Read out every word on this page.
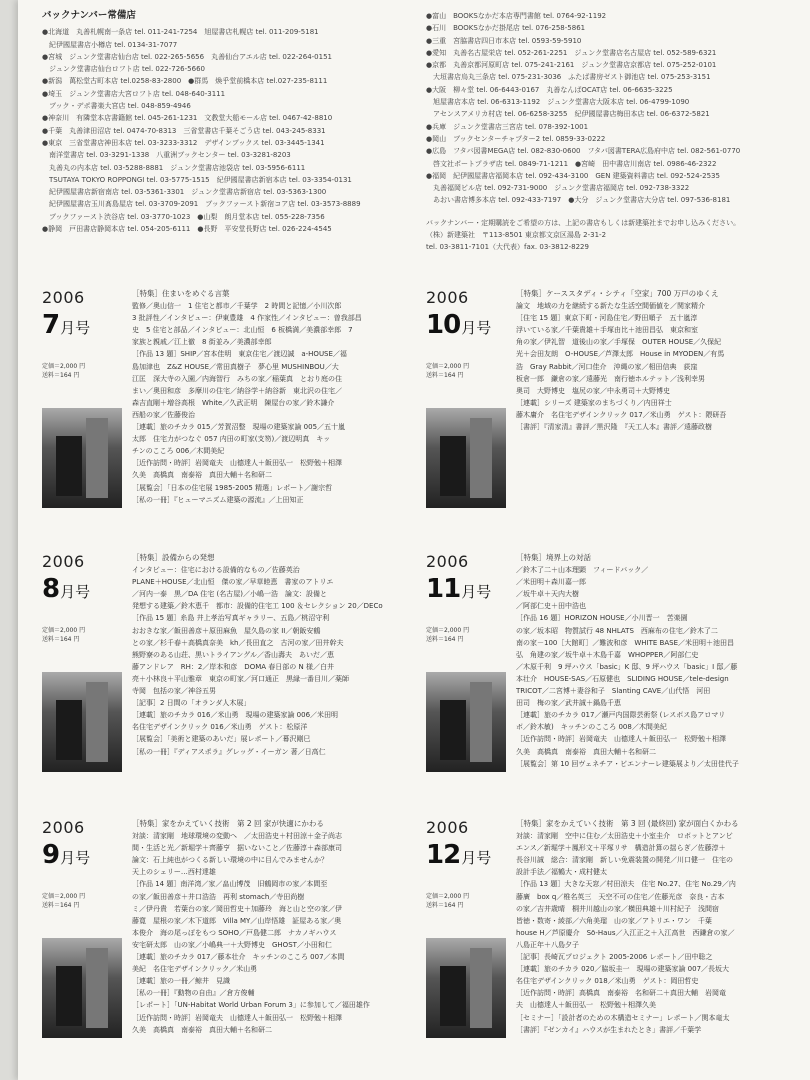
バックナンバー常備店
●北海道　丸善札幌南一条店 tel. 011-241-7254　旭屋書店札幌店 tel. 011-209-5181
　紀伊國屋書店小樽店 tel. 0134-31-7077
●宮城　ジュンク堂書店仙台店 tel. 022-265-5656　丸善仙台アエル店 tel. 022-264-0151
　ジュンク堂書店仙台ロフト店 tel. 022-726-5660
●新潟　萬松堂古町本店 tel.0258-83-2800　●群馬　煥乎堂前橋本店 tel.027-235-8111
●埼玉　ジュンク堂書店大宮ロフト店 tel. 048-640-3111
　ブック・デポ書楽大宮店 tel. 048-859-4946
●神奈川　有隣堂本店書籍館 tel. 045-261-1231　文教堂大船モール店 tel. 0467-42-8810
●千葉　丸善津田沼店 tel. 0474-70-8313　三省堂書店千葉そごう店 tel. 043-245-8331
●東京　三省堂書店神田本店 tel. 03-3233-3312　デザインブックス tel. 03-3445-1341
　南洋堂書店 tel. 03-3291-1338　八重洲ブックセンター tel. 03-3281-8203
　丸善丸の内本店 tel. 03-5288-8881　ジュンク堂書店池袋店 tel. 03-5956-6111
　TSUTAYA TOKYO ROPPONGI tel. 03-5775-1515　紀伊國屋書店新宿本店 tel. 03-3354-0131
　紀伊國屋書店新宿南店 tel. 03-5361-3301　ジュンク堂書店新宿店 tel. 03-5363-1300
　紀伊國屋書店玉川髙島屋店 tel. 03-3709-2091　ブックファースト新宿コア店 tel. 03-3573-8889
　ブックファースト渋谷店 tel. 03-3770-1023　●山梨　朗月堂本店 tel. 055-228-7356
●静岡　戸田書店静岡本店 tel. 054-205-6111　●長野　平安堂長野店 tel. 026-224-4545
●富山　BOOKSなかだ本店専門書館 tel. 0764-92-1192
●石川　BOOKSなかだ掛尾店 tel. 076-258-5861
●三重　宮脇書店四日市本店 tel. 0593-59-5910
●愛知　丸善名古屋栄店 tel. 052-261-2251　ジュンク堂書店名古屋店 tel. 052-589-6321
●京都　丸善京都河原町店 tel. 075-241-2161　ジュンク堂書店京都店 tel. 075-252-0101
　大垣書店烏丸三条店 tel. 075-231-3036　ふたば書房ゼスト御池店 tel. 075-253-3151
●大阪　柳々堂 tel. 06-6443-0167　丸善なんばOCAT店 tel. 06-6635-3225
　旭屋書店本店 tel. 06-6313-1192　ジュンク堂書店大阪本店 tel. 06-4799-1090
　アセンスアメリカ村店 tel. 06-6258-3255　紀伊國屋書店梅田本店 tel. 06-6372-5821
●兵庫　ジュンク堂書店三宮店 tel. 078-392-1001
●岡山　ブックセンターチャプター2 tel. 0859-33-0222
●広島　フタバ図書MEGA店 tel. 082-830-0600　フタバ図書TERA広島府中店 tel. 082-561-0770
　啓文社ポートプラザ店 tel. 0849-71-1211　●宮崎　田中書店川南店 tel. 0986-46-2322
●福岡　紀伊國屋書店福岡本店 tel. 092-434-3100　GEN 建築資料書店 tel. 092-524-2535
　丸善福岡ビル店 tel. 092-731-9000　ジュンク堂書店福岡店 tel. 092-738-3322
　あおい書店博多本店 tel. 092-433-7197　●大分　ジュンク堂書店大分店 tel. 097-536-8181
バックナンバー・定期購読をご希望の方は、上記の書店もしくは新建築社までお申し込みください。
（株）新建築社　〒113-8501 東京都文京区湯島 2-31-2
tel. 03-3811-7101（大代表）fax. 03-3812-8229
2006
7月号
定価＝2,000 円
送料＝164 円
［特集］住まいをめぐる言葉
監修／奥山信一　1 住宅と都市／千葉学　2 時間と記憶／小川次郎
3 批評性／インタビュー：伊東豊雄　4 作家性／インタビュー：曽我部昌
史　5 住宅と部品／インタビュー：北山恒　6 板橋満／美濃部幸郎　7
家族と親戚／江上徹　8 街並み／美濃部幸郎
［作品 13 題］SHIP／宮本佳明　東京住宅／渡辺誠　a-HOUSE／福
島加津也　Z&Z HOUSE／常田真樹子　夢心里 MUSHINBOU／大
江匡　深大寺の入園／内海智行　みちの家／稲葉真　とおり庭の住
まい／奥田和彦　多摩川の住宅／納谷学＋納谷新　東北沢の住宅／
森吉直剛＋増谷高根　White／久武正明　陳屋台の家／鈴木謙介
西船の家／佐藤俊治
［連載］旅のチカラ 015／芳賀沼整　現場の建築家論 005／五十嵐
太郎　住宅力がつなぐ 057 内田の町家(支笏)／渡辺明真　キッ
チンのこころ 006／木間美紀
［近作訪問・時評］岩岡竜夫　山德達人＋飯田弘一　松野勉＋相澤
久美　高橋真　南泰裕　真田大輔＋名和研二
［展覧会］「日本の住宅展 1985-2005 精選」レポート／謝宗哲
［私の一冊］『ヒューマニズム建築の源流』／上田知正
2006
10月号
定価＝2,000 円
送料＝164 円
［特集］ケーススタディ・シティ「空家」700 万戸のゆくえ
論文　地域の力を継続する新たな生活空間価値を／関家精介
［住宅 15 題］東京下町・河島住宅／野田順子　五十嵐淳
浮いている家／千葉貴雄＋手塚由比＋池田昌弘　東京和室
角の家／伊礼智　道後山の家／手塚保　OUTER HOUSE／久保紀
光＋会田友朗　O-HOUSE／芦澤太郎　House in MYODEN／有馬
浩　Gray Rabbit／河口佳介　沖縄の家／相田信典　荻窪
板倉一郎　鎌倉の家／遠藤光　南行徳ホルテット／浅利幸男
奥司　大野博史　塩尻の家／中永勇司＋大野博史
［連載］シリーズ 建築家のまちづくり／内田祥士
藤木庸介　名住宅デザインクリック 017／米山勇　ゲスト：隈研吾
［書評］『清家清』書評／黒沢隆　『天工人本』書評／遠藤政樹
2006
8月号
定価＝2,000 円
送料＝164 円
［特集］設備からの発想
インタビュー：住宅における設備的なもの／佐藤英治
PLANE＋HOUSE／北山恒　傑の家／早草睦恵　書家のアトリエ
／河内一泰　黒／DA 住宅 (名古屋)／小嶋一浩　論文：設備と
発想する建築／鈴木恵千　都市：設備的住宅工 100 ＆セレクション 20／DECo
［作品 15 題］糸島 井上孝治写真ギャラリー、五島／桃沼守利
おおきな家／飯田善彦＋原田麻魚　屋久島の家 II／朝飯安鶴
との家／杉千春＋高橋真奈美　kh／長田直之　古河の家／田井幹夫
熊野寮のある山荘、黒いトライアングル／香山壽夫　あいだ／恵
藤アンドレア　RH：2／岸本和彦　DOMA 春日部の N 様／白井
亮＋小林良＋平山雅章　東京の町家／河口通正　黒縁一番目川／薬師
寺岡　包括の家／神谷五男
［記事］2 日間の「オランダ人木展」
［連載］旅のチカラ 016／米山勇　現場の建築家論 006／米田明
名住宅デザインクリック 016／米山勇　ゲスト：松原洋
［展覧会］「美術と建築のあいだ」展レポート／幕沢剛巳
［私の一冊］『ディアスポラ』グレッグ・イーガン 著／日高仁
2006
11月号
定価＝2,000 円
送料＝164 円
［特集］境界上の対話
／鈴木了二＋山本理顕　フィードバック／
／米田明＋森川嘉一郎
／坂牛卓＋天内大樹
／阿部仁史＋田中浩也
［作品 16 題］HORIZON HOUSE／小川晋一　苦楽園
の家／坂本昭　物質試行 48 NHLATS　西麻布の住宅／鈴木了二
南の家－100［大館町］／難波和彦　WHITE BASE／米田明＋池田昌
弘　角建の家／坂牛卓＋木島千嘉　WHOPPER／阿部仁史
／木原千利　9 坪ハウス「basic」K 邸、9 坪ハウス「basic」I 邸／藤
本壮介　HOUSE-SAS／石原健也　SLIDING HOUSE／tele-design
TRICOT／二宮博＋妻谷和子　Slanting CAVE／山代悟　河田
田司　梅の家／武井誠＋鍋島千恵
［連載］旅のチカラ 017／瀬戸内国際芸術祭 (レスボス島アロマリ
ボ／鈴木敏)　キッチンのこころ 008／木間美紀
［近作訪問・時評］岩岡竜夫　山德達人＋飯田弘一　松野勉＋相澤
久美　高橋真　南泰裕　真田大輔＋名和研二
［展覧会］第 10 回ヴェネチア・ビエンナーレ建築展より／太田佳代子
2006
9月号
定価＝2,000 円
送料＝164 円
［特集］家をかえていく技術　第 2 回 家が快適にかわる
対談：清家剛　地球環境の変動へ　／太田浩史＋村田涼＋金子尚志
間・生活と光／新堀学＋齊藤亨　据いないこと／佐藤淳＋森部康司
論文：石上純也がつくる新しい環境の中に目んでみませんか？
天上のシェリー…西村達雄
［作品 14 題］南洋湾／家／畠山博茂　旧鶴岡市の家／本間至
の家／飯田善彦＋井口浩浩　再利 stomach／寺田尚樹
ミ／伊丹貴　若葉台の家／岡田哲史＋加藤玲　海と山と空の家／伊
藤寛　屋根の家／木下道郎　Villa MY／山岸悟雄　証屋ある家／奥
本俊介　海の尾っぽをもつ SOHO／戸島健二郎　ナカノギハウス
安宅研太郎　山の家／小嶋典一＋大野博史　GHOST／小田和仁
［連載］旅のチカラ 017／藤本壮介　キッチンのこころ 007／本間
美紀　名住宅デザインクリック／米山勇
［連載］旅の一冊／鯨井　見識
［私の一冊］『動物の自由』／倉方俊輔
［レポート］「UN-Habitat World Urban Forum 3」に参加して／福田雄作
［近作訪問・時評］岩岡竜夫　山德達人＋飯田弘一　松野勉＋相澤
久美　高橋真　南泰裕　真田大輔＋名和研二
2006
12月号
定価＝2,000 円
送料＝164 円
［特集］家をかえていく技術　第 3 回 (最終回) 家が面白くかわる
対談：清家剛　空中に住む／太田浩史＋小室圭介　ロボットとアンビ
エンス／新堀学＋鳳形文＋平塚リサ　構造計算の揺らぎ／佐藤淳＋
長谷川誠　総合：清家剛　新しい免震装置の開発／川口健一　住宅の
設計手法／福鶴大・成村健太
［作品 13 題］大きな天窓／村田涼夫　住宅 No.27、住宅 No.29／内
藤廣　box q／椎名英三　天空不可の住宅／佐藤光彦　奈良・古本
の家／吉井歳晴　桐井川越山の家／横田典雄＋川村紀子　浅間宿
皆徳・数寄・綾部／六角美瑠　山の家／アトリエ・ワン　千葉
house H／芦原慶介　Sō-Haus／入江正之＋入江高世　西鎌倉の家／
八島正年＋八島夕子
［記事］長崎瓦プロジェクト 2005-2006 レポート／田中聡之
［連載］旅のチカラ 020／脇坂圭一　現場の建築家論 007／長坂大
名住宅デザインクリック 018／米山勇　ゲスト：岡田哲史
［近作訪問・時評］高橋真　南泰裕　名和研二＋真田大輔　岩岡竜
夫　山德達人＋飯田弘一　松野勉＋相澤久美
［セミナー］「設計者のための木構造セミナー」レポート／関本竜太
［書評］『ゼンカイ』ハウスが生まれたとき」書評／千葉学
